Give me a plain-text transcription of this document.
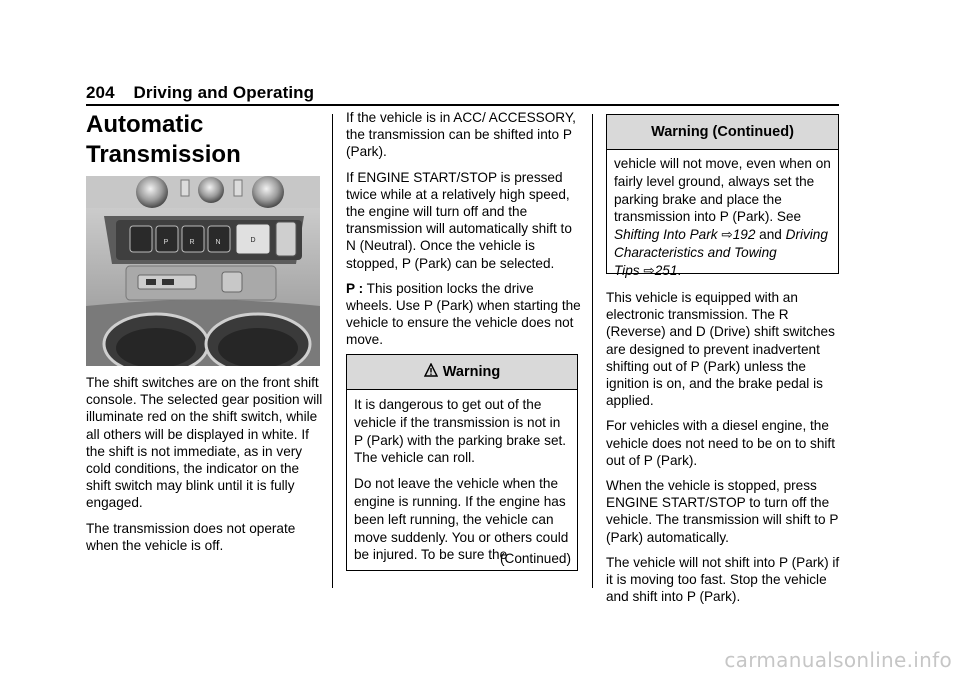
204 Driving and Operating
Automatic
Transmission
P	R	N	D

The shift switches are on the front shift console. The selected gear position will illuminate red on the shift switch, while all others will be displayed in white. If the shift is not immediate, as in very cold conditions, the indicator on the shift switch may blink until it is fully engaged.

The transmission does not operate when the vehicle is off.

If the vehicle is in ACC/ ACCESSORY, the transmission can be shifted into P (Park).

If ENGINE START/STOP is pressed twice while at a relatively high speed, the engine will turn off and the transmission will automatically shift to N (Neutral). Once the vehicle is stopped, P (Park) can be selected.

P : This position locks the drive wheels. Use P (Park) when starting the vehicle to ensure the vehicle does not move.

Warning

It is dangerous to get out of the vehicle if the transmission is not in P (Park) with the parking brake set. The vehicle can roll.

Do not leave the vehicle when the engine is running. If the engine has been left running, the vehicle can move suddenly. You or others could be injured. To be sure the

(Continued)
Warning (Continued)
vehicle will not move, even when on fairly level ground, always set the parking brake and place the transmission into P (Park). See Shifting Into Park ⇨192 and Driving Characteristics and Towing Tips ⇨251.

This vehicle is equipped with an electronic transmission. The R (Reverse) and D (Drive) shift switches are designed to prevent inadvertent shifting out of P (Park) unless the ignition is on, and the brake pedal is applied.

For vehicles with a diesel engine, the vehicle does not need to be on to shift out of P (Park).

When the vehicle is stopped, press ENGINE START/STOP to turn off the vehicle. The transmission will shift to P (Park) automatically.

The vehicle will not shift into P (Park) if it is moving too fast. Stop the vehicle and shift into P (Park).

carmanualsonline.info
